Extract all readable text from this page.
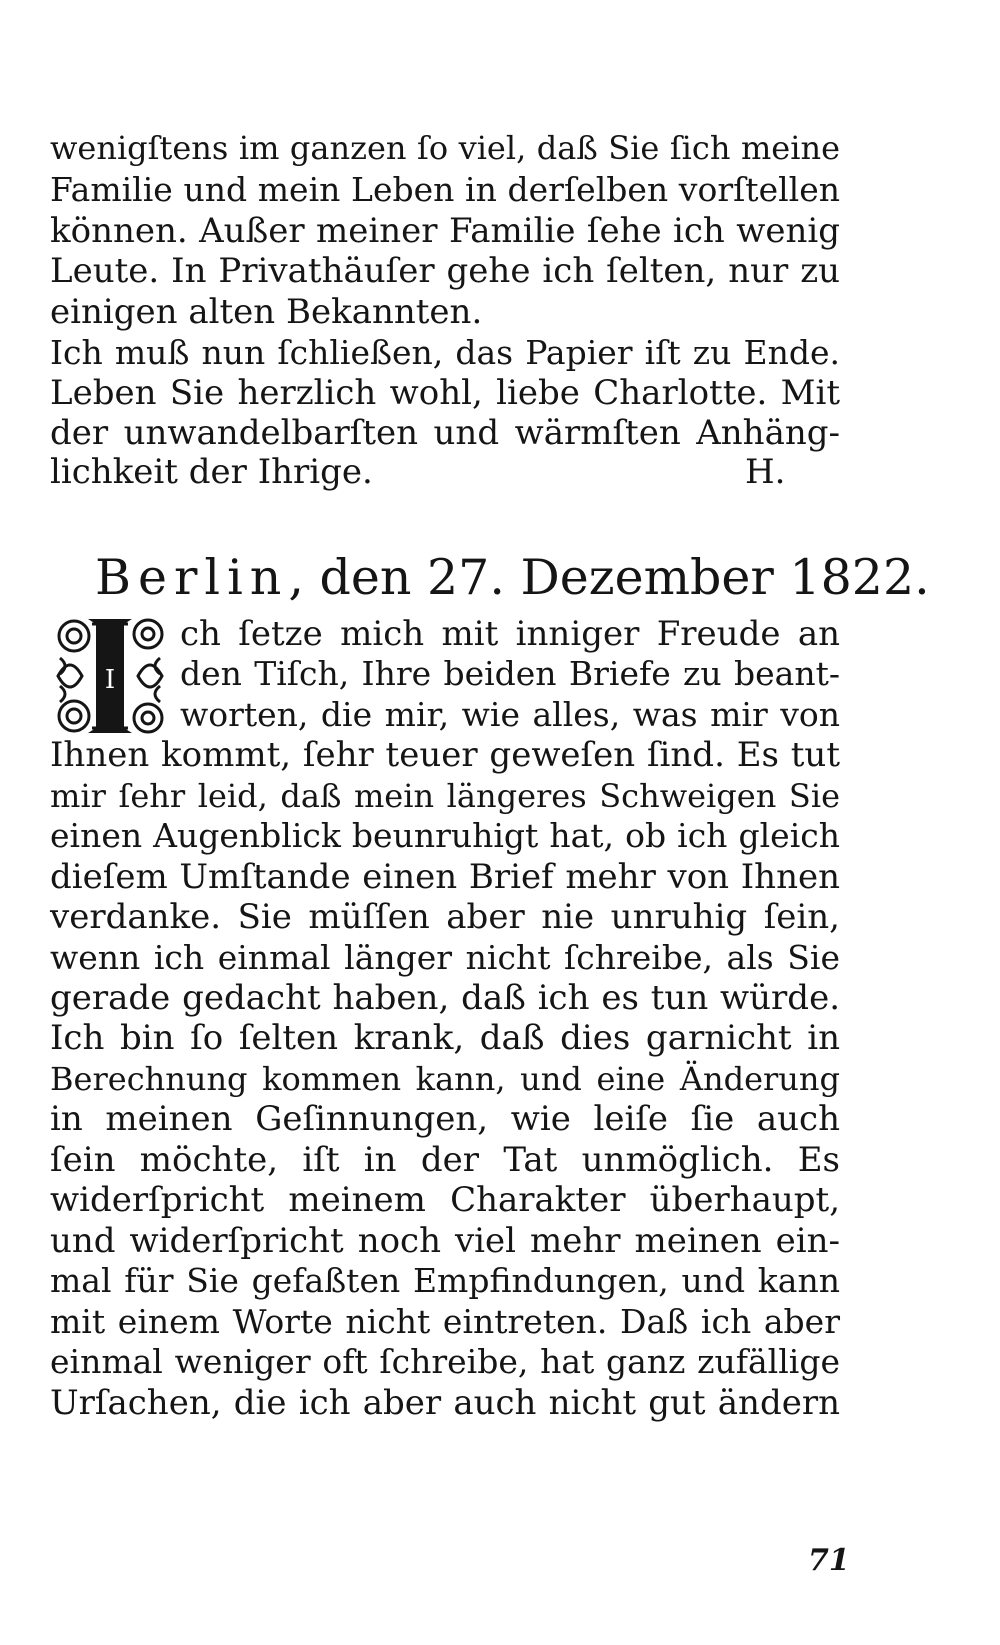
wenigſtens im ganzen ſo viel, daß Sie ſich meine
Familie und mein Leben in derſelben vorſtellen
können. Außer meiner Familie ſehe ich wenig
Leute. In Privathäuſer gehe ich ſelten, nur zu
einigen alten Bekannten.
Ich muß nun ſchließen, das Papier iſt zu Ende.
Leben Sie herzlich wohl, liebe Charlotte. Mit
der unwandelbarſten und wärmſten Anhäng-
lichkeit der Ihrige.	H.
Berlin, den 27. Dezember 1822.
I
ch ſetze mich mit inniger Freude an
den Tiſch, Ihre beiden Briefe zu beant-
worten, die mir, wie alles, was mir von
Ihnen kommt, ſehr teuer geweſen ſind. Es tut
mir ſehr leid, daß mein längeres Schweigen Sie
einen Augenblick beunruhigt hat, ob ich gleich
dieſem Umſtande einen Brief mehr von Ihnen
verdanke. Sie müſſen aber nie unruhig ſein,
wenn ich einmal länger nicht ſchreibe, als Sie
gerade gedacht haben, daß ich es tun würde.
Ich bin ſo ſelten krank, daß dies garnicht in
Berechnung kommen kann, und eine Änderung
in meinen Geſinnungen, wie leiſe ſie auch
ſein möchte, iſt in der Tat unmöglich. Es
widerſpricht meinem Charakter überhaupt,
und widerſpricht noch viel mehr meinen ein-
mal für Sie gefaßten Empfindungen, und kann
mit einem Worte nicht eintreten. Daß ich aber
einmal weniger oft ſchreibe, hat ganz zufällige
Urſachen, die ich aber auch nicht gut ändern
71
